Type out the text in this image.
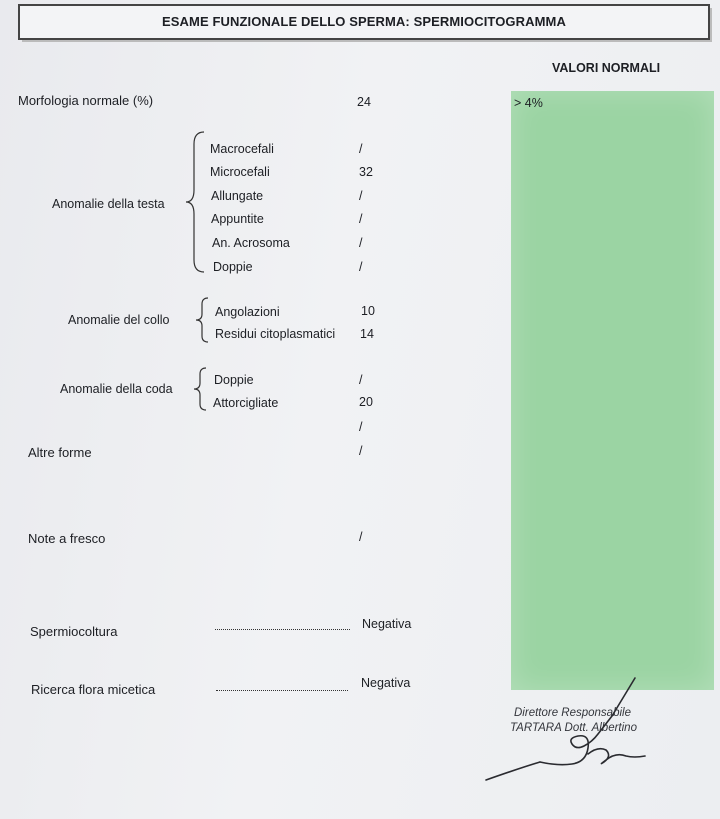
ESAME FUNZIONALE DELLO SPERMA: SPERMIOCITOGRAMMA
VALORI NORMALI
> 4%
Morfologia normale (%)	24
Anomalie della testa
Macrocefali	/
Microcefali	32
Allungate	/
Appuntite	/
An. Acrosoma	/
Doppie	/
Anomalie del collo
Angolazioni	10
Residui citoplasmatici 14
Anomalie della coda
Doppie	/
Attorcigliate	20
/
Altre forme	/
Note a fresco	/
Spermiocoltura	Negativa
Ricerca flora micetica	Negativa
Direttore Responsabile
TARTARA Dott. Albertino
